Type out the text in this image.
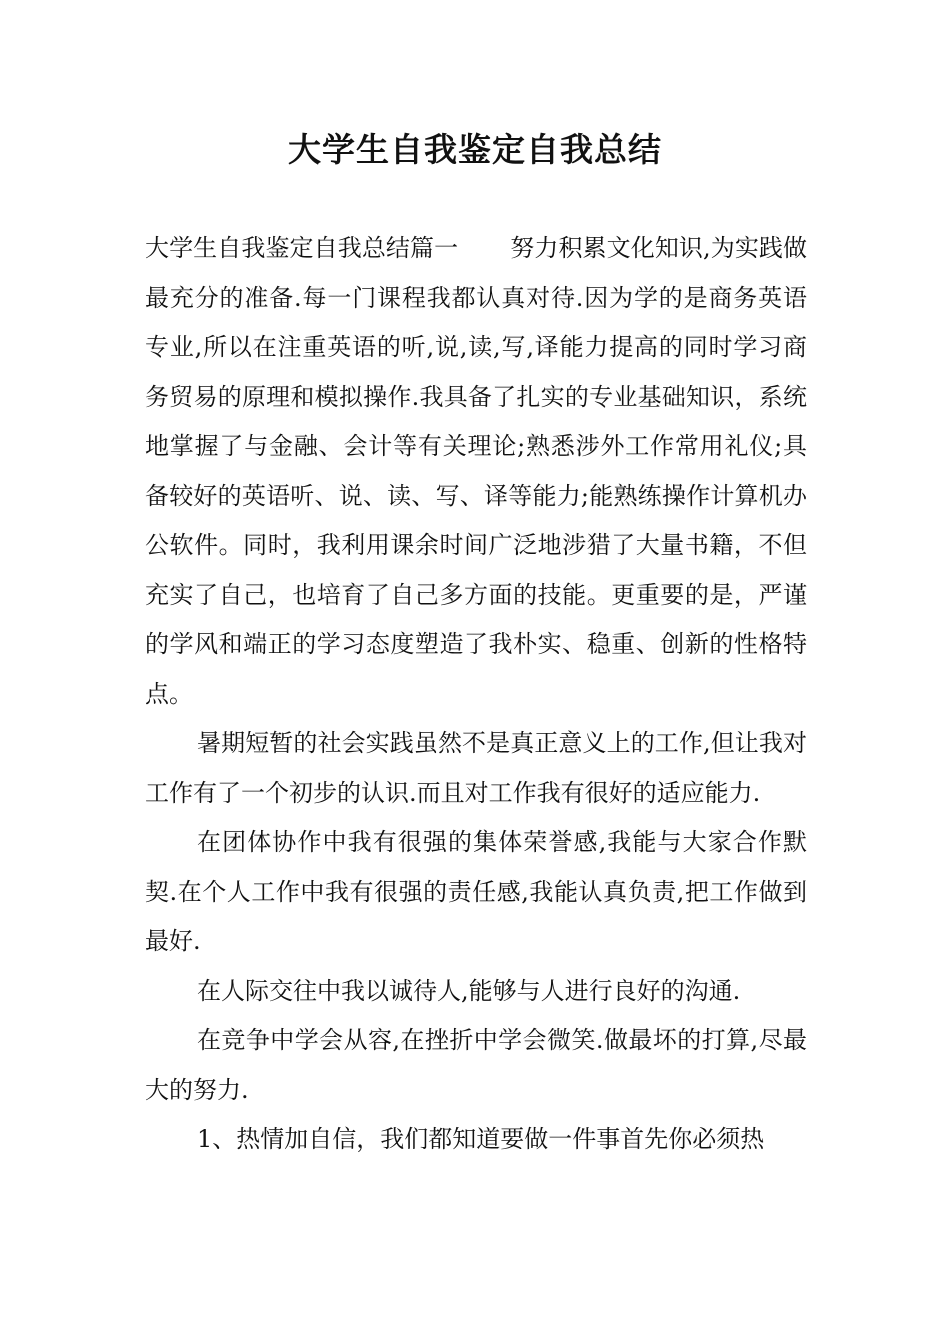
大学生自我鉴定自我总结

大学生自我鉴定自我总结篇一 努力积累文化知识,为实践做最充分的准备.每一门课程我都认真对待.因为学的是商务英语专业,所以在注重英语的听,说,读,写,译能力提高的同时学习商务贸易的原理和模拟操作.我具备了扎实的专业基础知识，系统地掌握了与金融、会计等有关理论;熟悉涉外工作常用礼仪;具备较好的英语听、说、读、写、译等能力;能熟练操作计算机办公软件。同时，我利用课余时间广泛地涉猎了大量书籍，不但充实了自己，也培育了自己多方面的技能。更重要的是，严谨的学风和端正的学习态度塑造了我朴实、稳重、创新的性格特点。

暑期短暂的社会实践虽然不是真正意义上的工作,但让我对工作有了一个初步的认识.而且对工作我有很好的适应能力.

在团体协作中我有很强的集体荣誉感,我能与大家合作默契.在个人工作中我有很强的责任感,我能认真负责,把工作做到最好.

在人际交往中我以诚待人,能够与人进行良好的沟通.

在竞争中学会从容,在挫折中学会微笑.做最坏的打算,尽最大的努力.

1、热情加自信，我们都知道要做一件事首先你必须热
